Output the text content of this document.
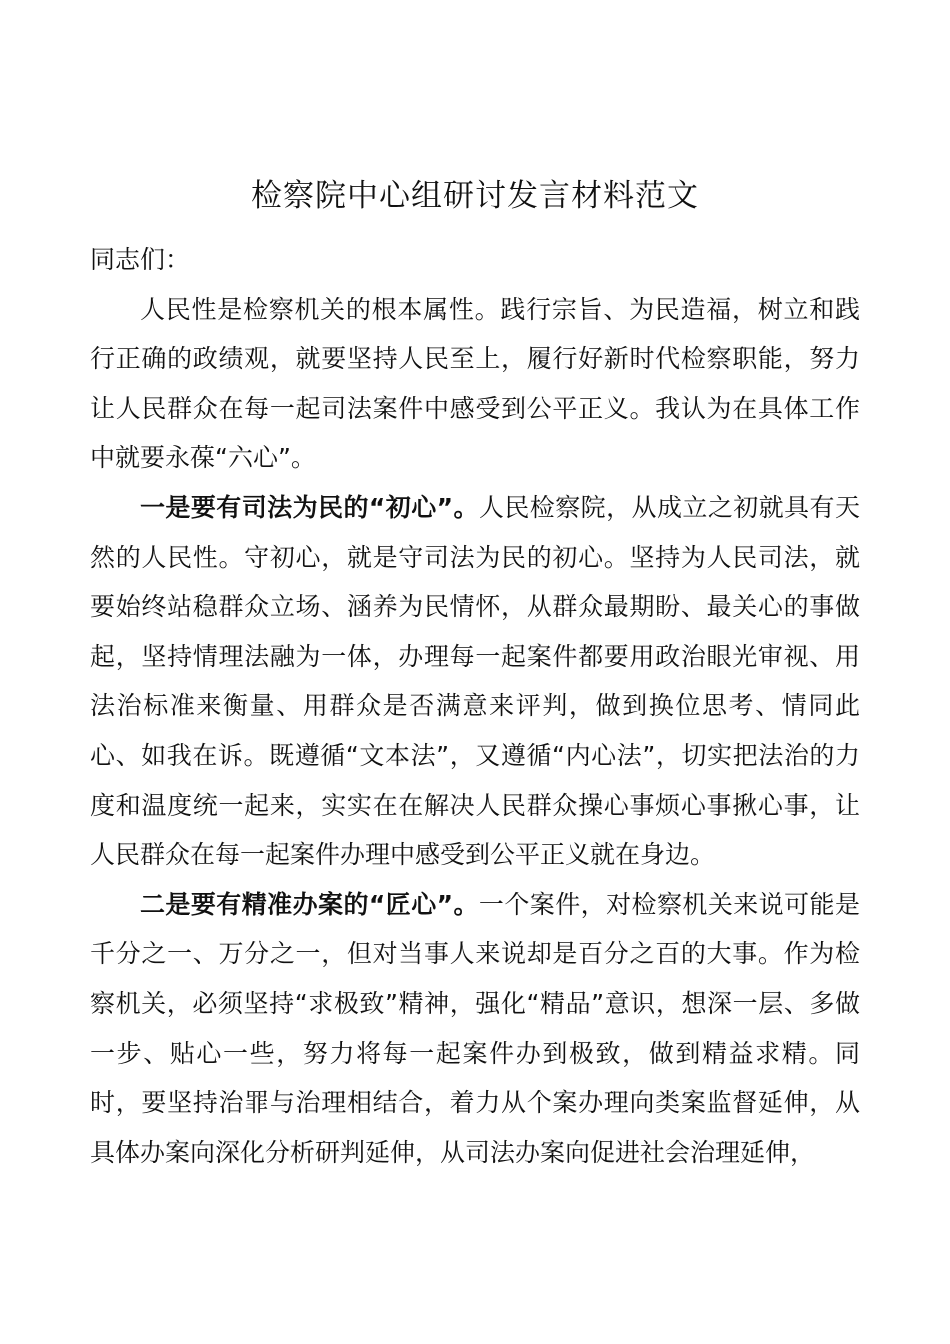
检察院中心组研讨发言材料范文

同志们：

人民性是检察机关的根本属性。践行宗旨、为民造福，树立和践行正确的政绩观，就要坚持人民至上，履行好新时代检察职能，努力让人民群众在每一起司法案件中感受到公平正义。我认为在具体工作中就要永葆“六心”。

一是要有司法为民的“初心”。人民检察院，从成立之初就具有天然的人民性。守初心，就是守司法为民的初心。坚持为人民司法，就要始终站稳群众立场、涵养为民情怀，从群众最期盼、最关心的事做起，坚持情理法融为一体，办理每一起案件都要用政治眼光审视、用法治标准来衡量、用群众是否满意来评判，做到换位思考、情同此心、如我在诉。既遵循“文本法”，又遵循“内心法”，切实把法治的力度和温度统一起来，实实在在解决人民群众操心事烦心事揪心事，让人民群众在每一起案件办理中感受到公平正义就在身边。

二是要有精准办案的“匠心”。一个案件，对检察机关来说可能是千分之一、万分之一，但对当事人来说却是百分之百的大事。作为检察机关，必须坚持“求极致”精神，强化“精品”意识，想深一层、多做一步、贴心一些，努力将每一起案件办到极致，做到精益求精。同时，要坚持治罪与治理相结合，着力从个案办理向类案监督延伸，从具体办案向深化分析研判延伸，从司法办案向促进社会治理延伸，
